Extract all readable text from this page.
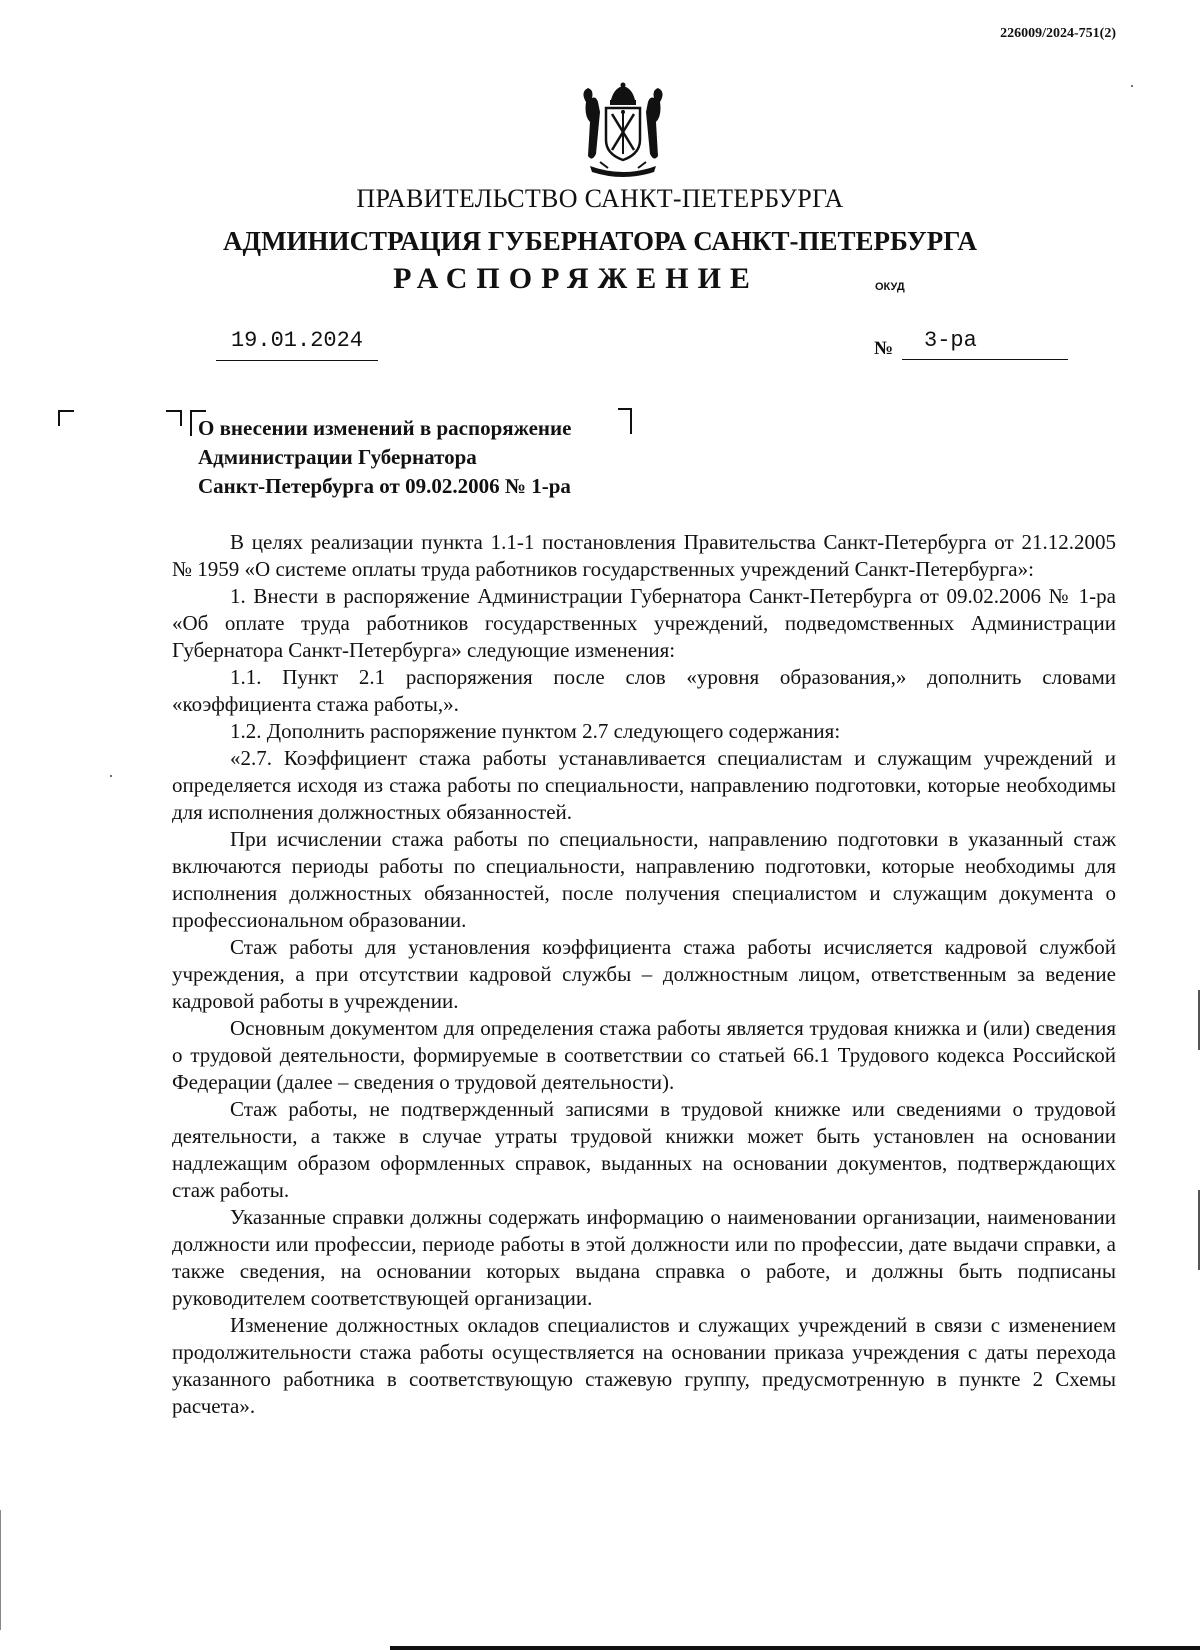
226009/2024-751(2)
ПРАВИТЕЛЬСТВО САНКТ-ПЕТЕРБУРГА
АДМИНИСТРАЦИЯ ГУБЕРНАТОРА САНКТ-ПЕТЕРБУРГА
РАСПОРЯЖЕНИЕ	ОКУД
19.01.2024	№	3-ра
О внесении изменений в распоряжение
Администрации Губернатора
Санкт-Петербурга от 09.02.2006 № 1-ра

В целях реализации пункта 1.1-1 постановления Правительства Санкт-Петербурга от 21.12.2005 № 1959 «О системе оплаты труда работников государственных учреждений Санкт-Петербурга»:

1. Внести в распоряжение Администрации Губернатора Санкт-Петербурга от 09.02.2006 № 1-ра «Об оплате труда работников государственных учреждений, подведомственных Администрации Губернатора Санкт-Петербурга» следующие изменения:

1.1. Пункт 2.1 распоряжения после слов «уровня образования,» дополнить словами «коэффициента стажа работы,».

1.2. Дополнить распоряжение пунктом 2.7 следующего содержания:

«2.7. Коэффициент стажа работы устанавливается специалистам и служащим учреждений и определяется исходя из стажа работы по специальности, направлению подготовки, которые необходимы для исполнения должностных обязанностей.

При исчислении стажа работы по специальности, направлению подготовки в указанный стаж включаются периоды работы по специальности, направлению подготовки, которые необходимы для исполнения должностных обязанностей, после получения специалистом и служащим документа о профессиональном образовании.

Стаж работы для установления коэффициента стажа работы исчисляется кадровой службой учреждения, а при отсутствии кадровой службы – должностным лицом, ответственным за ведение кадровой работы в учреждении.

Основным документом для определения стажа работы является трудовая книжка и (или) сведения о трудовой деятельности, формируемые в соответствии со статьей 66.1 Трудового кодекса Российской Федерации (далее – сведения о трудовой деятельности).

Стаж работы, не подтвержденный записями в трудовой книжке или сведениями о трудовой деятельности, а также в случае утраты трудовой книжки может быть установлен на основании надлежащим образом оформленных справок, выданных на основании документов, подтверждающих стаж работы.

Указанные справки должны содержать информацию о наименовании организации, наименовании должности или профессии, периоде работы в этой должности или по профессии, дате выдачи справки, а также сведения, на основании которых выдана справка о работе, и должны быть подписаны руководителем соответствующей организации.

Изменение должностных окладов специалистов и служащих учреждений в связи с изменением продолжительности стажа работы осуществляется на основании приказа учреждения с даты перехода указанного работника в соответствующую стажевую группу, предусмотренную в пункте 2 Схемы расчета».
